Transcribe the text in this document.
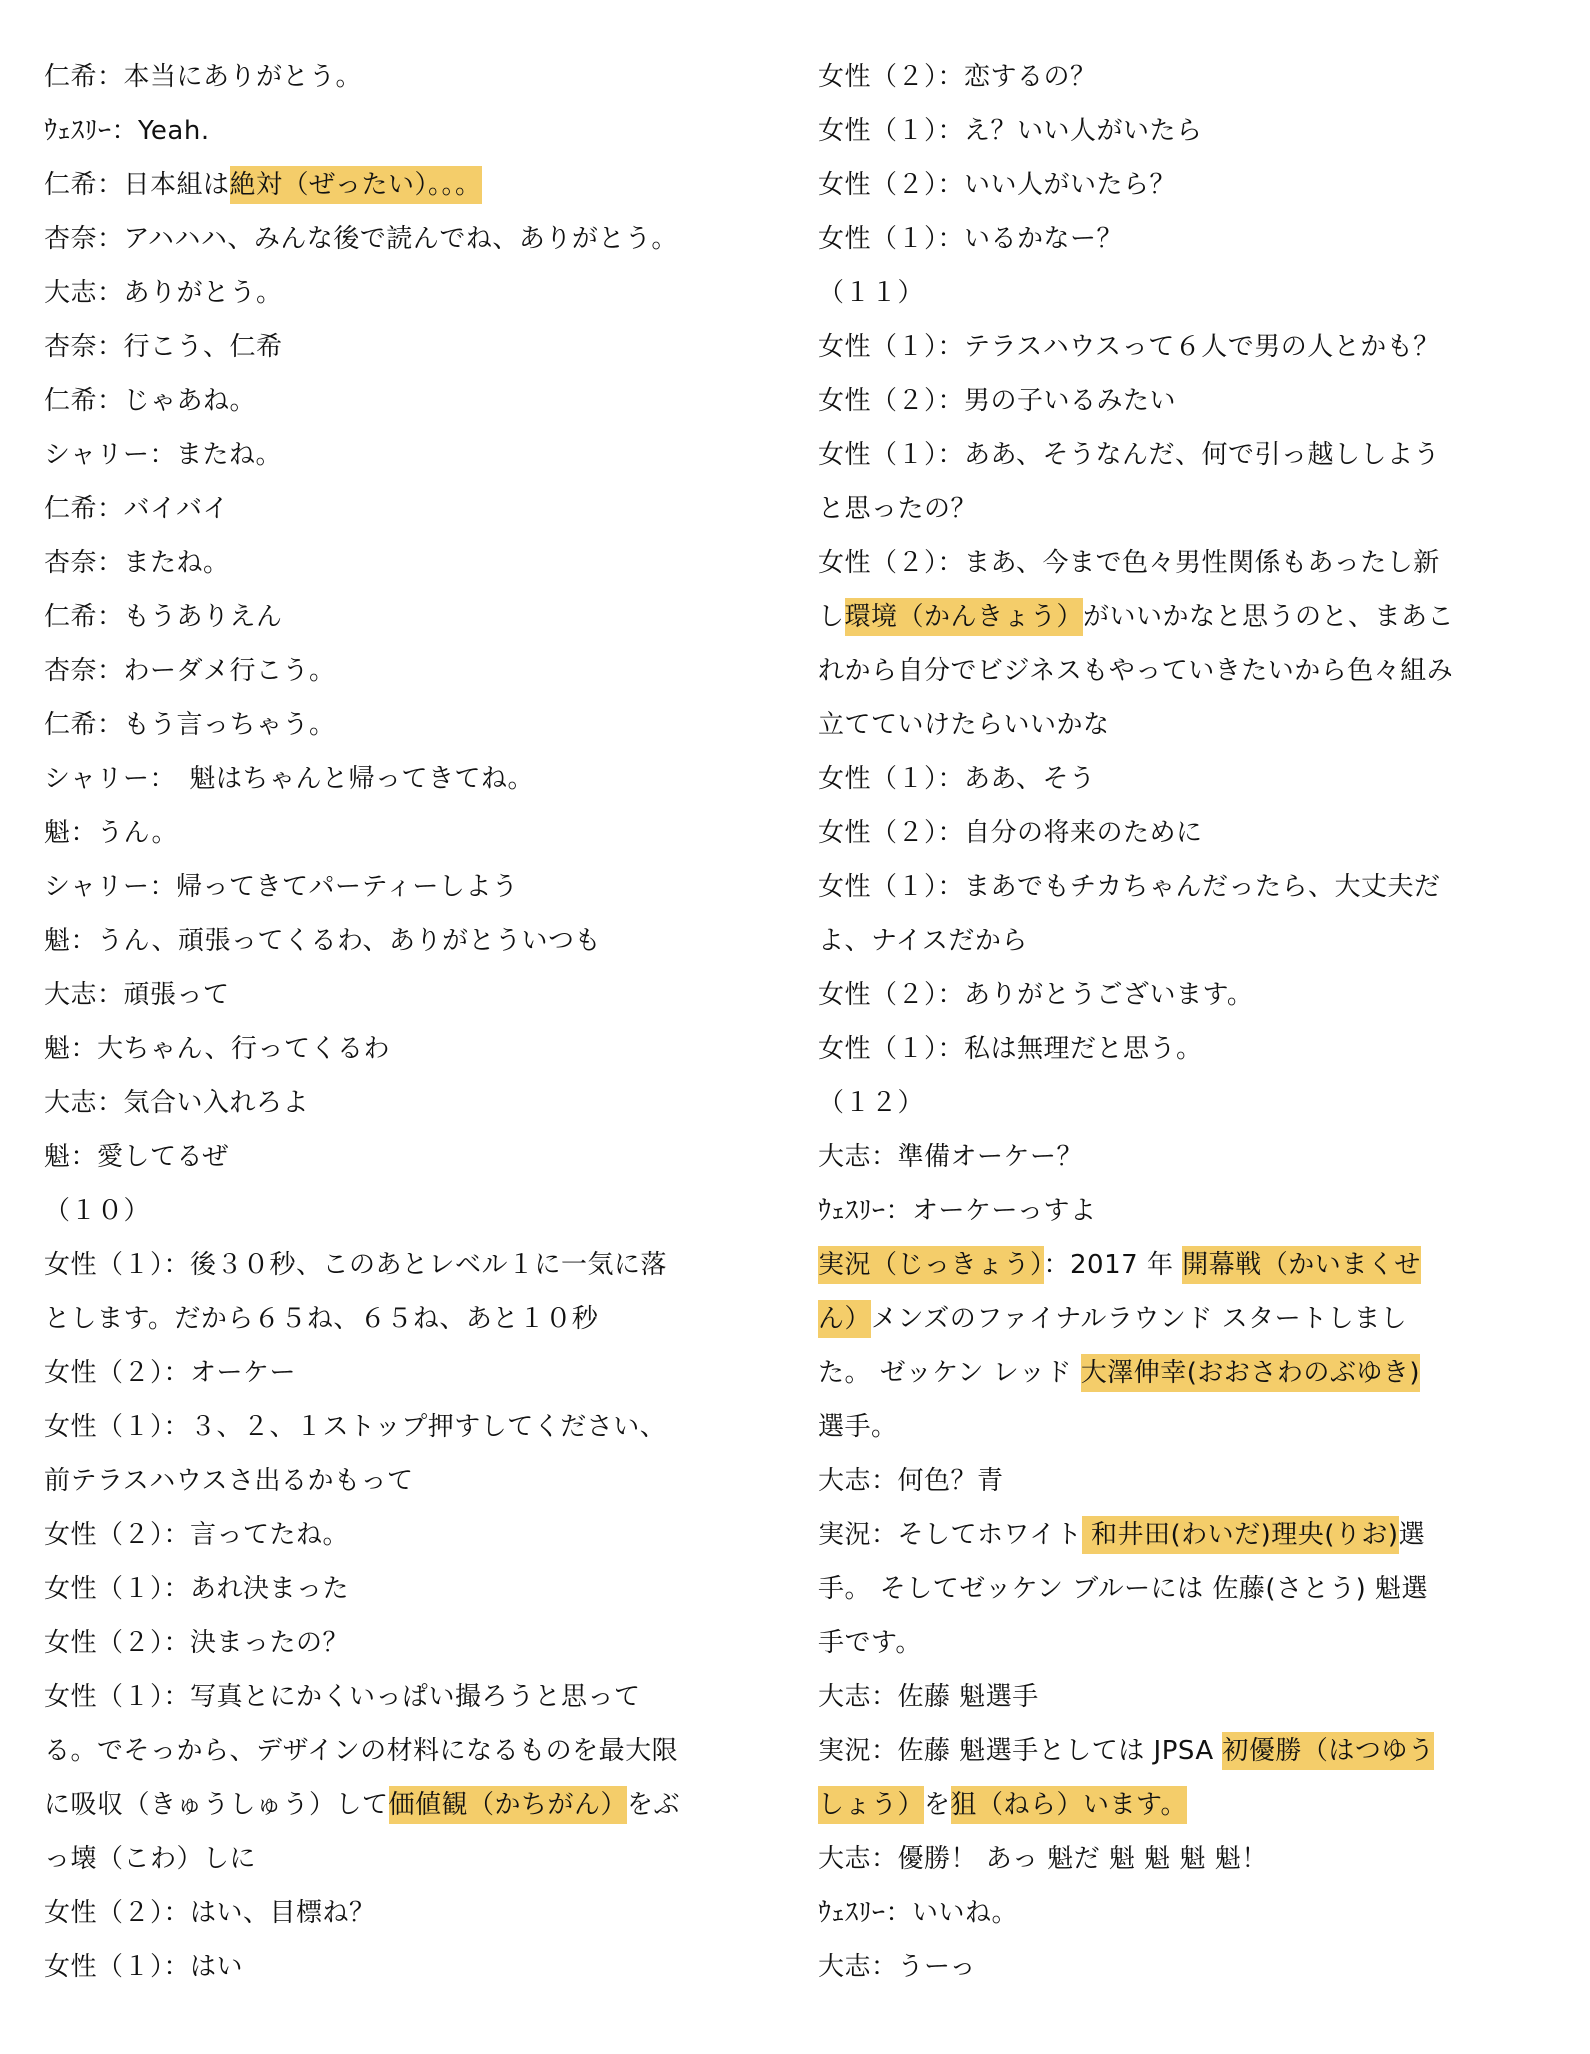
仁希：本当にありがとう。
ｳｪｽﾘｰ：Yeah.
仁希：日本組は絶対（ぜったい）。。。
杏奈：アハハハ、みんな後で読んでね、ありがとう。
大志：ありがとう。
杏奈：行こう、仁希
仁希：じゃあね。
シャリー：またね。
仁希：バイバイ
杏奈：またね。
仁希：もうありえん
杏奈：わーダメ行こう。
仁希：もう言っちゃう。
シャリー：　魁はちゃんと帰ってきてね。
魁：うん。
シャリー：帰ってきてパーティーしよう
魁：うん、頑張ってくるわ、ありがとういつも
大志：頑張って
魁：大ちゃん、行ってくるわ
大志：気合い入れろよ
魁：愛してるぜ
（１０）
女性（１）：後３０秒、このあとレベル１に一気に落
とします。だから６５ね、６５ね、あと１０秒
女性（２）：オーケー
女性（１）：３、２、１ストップ押すしてください、
前テラスハウスさ出るかもって
女性（２）：言ってたね。
女性（１）：あれ決まった
女性（２）：決まったの？
女性（１）：写真とにかくいっぱい撮ろうと思って
る。でそっから、デザインの材料になるものを最大限
に吸収（きゅうしゅう）して価値観（かちがん）をぶ
っ壊（こわ）しに
女性（２）：はい、目標ね？
女性（１）：はい
女性（２）：恋するの？
女性（１）：え？いい人がいたら
女性（２）：いい人がいたら？
女性（１）：いるかなー？
（１１）
女性（１）：テラスハウスって６人で男の人とかも？
女性（２）：男の子いるみたい
女性（１）：ああ、そうなんだ、何で引っ越ししよう
と思ったの？
女性（２）：まあ、今まで色々男性関係もあったし新
し環境（かんきょう）がいいかなと思うのと、まあこ
れから自分でビジネスもやっていきたいから色々組み
立てていけたらいいかな
女性（１）：ああ、そう
女性（２）：自分の将来のために
女性（１）：まあでもチカちゃんだったら、大丈夫だ
よ、ナイスだから
女性（２）：ありがとうございます。
女性（１）：私は無理だと思う。
（１２）
大志：準備オーケー？
ｳｪｽﾘｰ：オーケーっすよ
実況（じっきょう）：2017 年 開幕戦（かいまくせ
ん）メンズのファイナルラウンド スタートしまし
た。 ゼッケン レッド 大澤伸幸(おおさわのぶゆき)
選手。
大志：何色？青
実況：そしてホワイト 和井田(わいだ)理央(りお)選
手。 そしてゼッケン ブルーには 佐藤(さとう) 魁選
手です。
大志：佐藤 魁選手
実況：佐藤 魁選手としては JPSA 初優勝（はつゆう
しょう）を狙（ねら）います。
大志：優勝！ あっ 魁だ 魁 魁 魁 魁！
ｳｪｽﾘｰ：いいね。
大志：うーっ
